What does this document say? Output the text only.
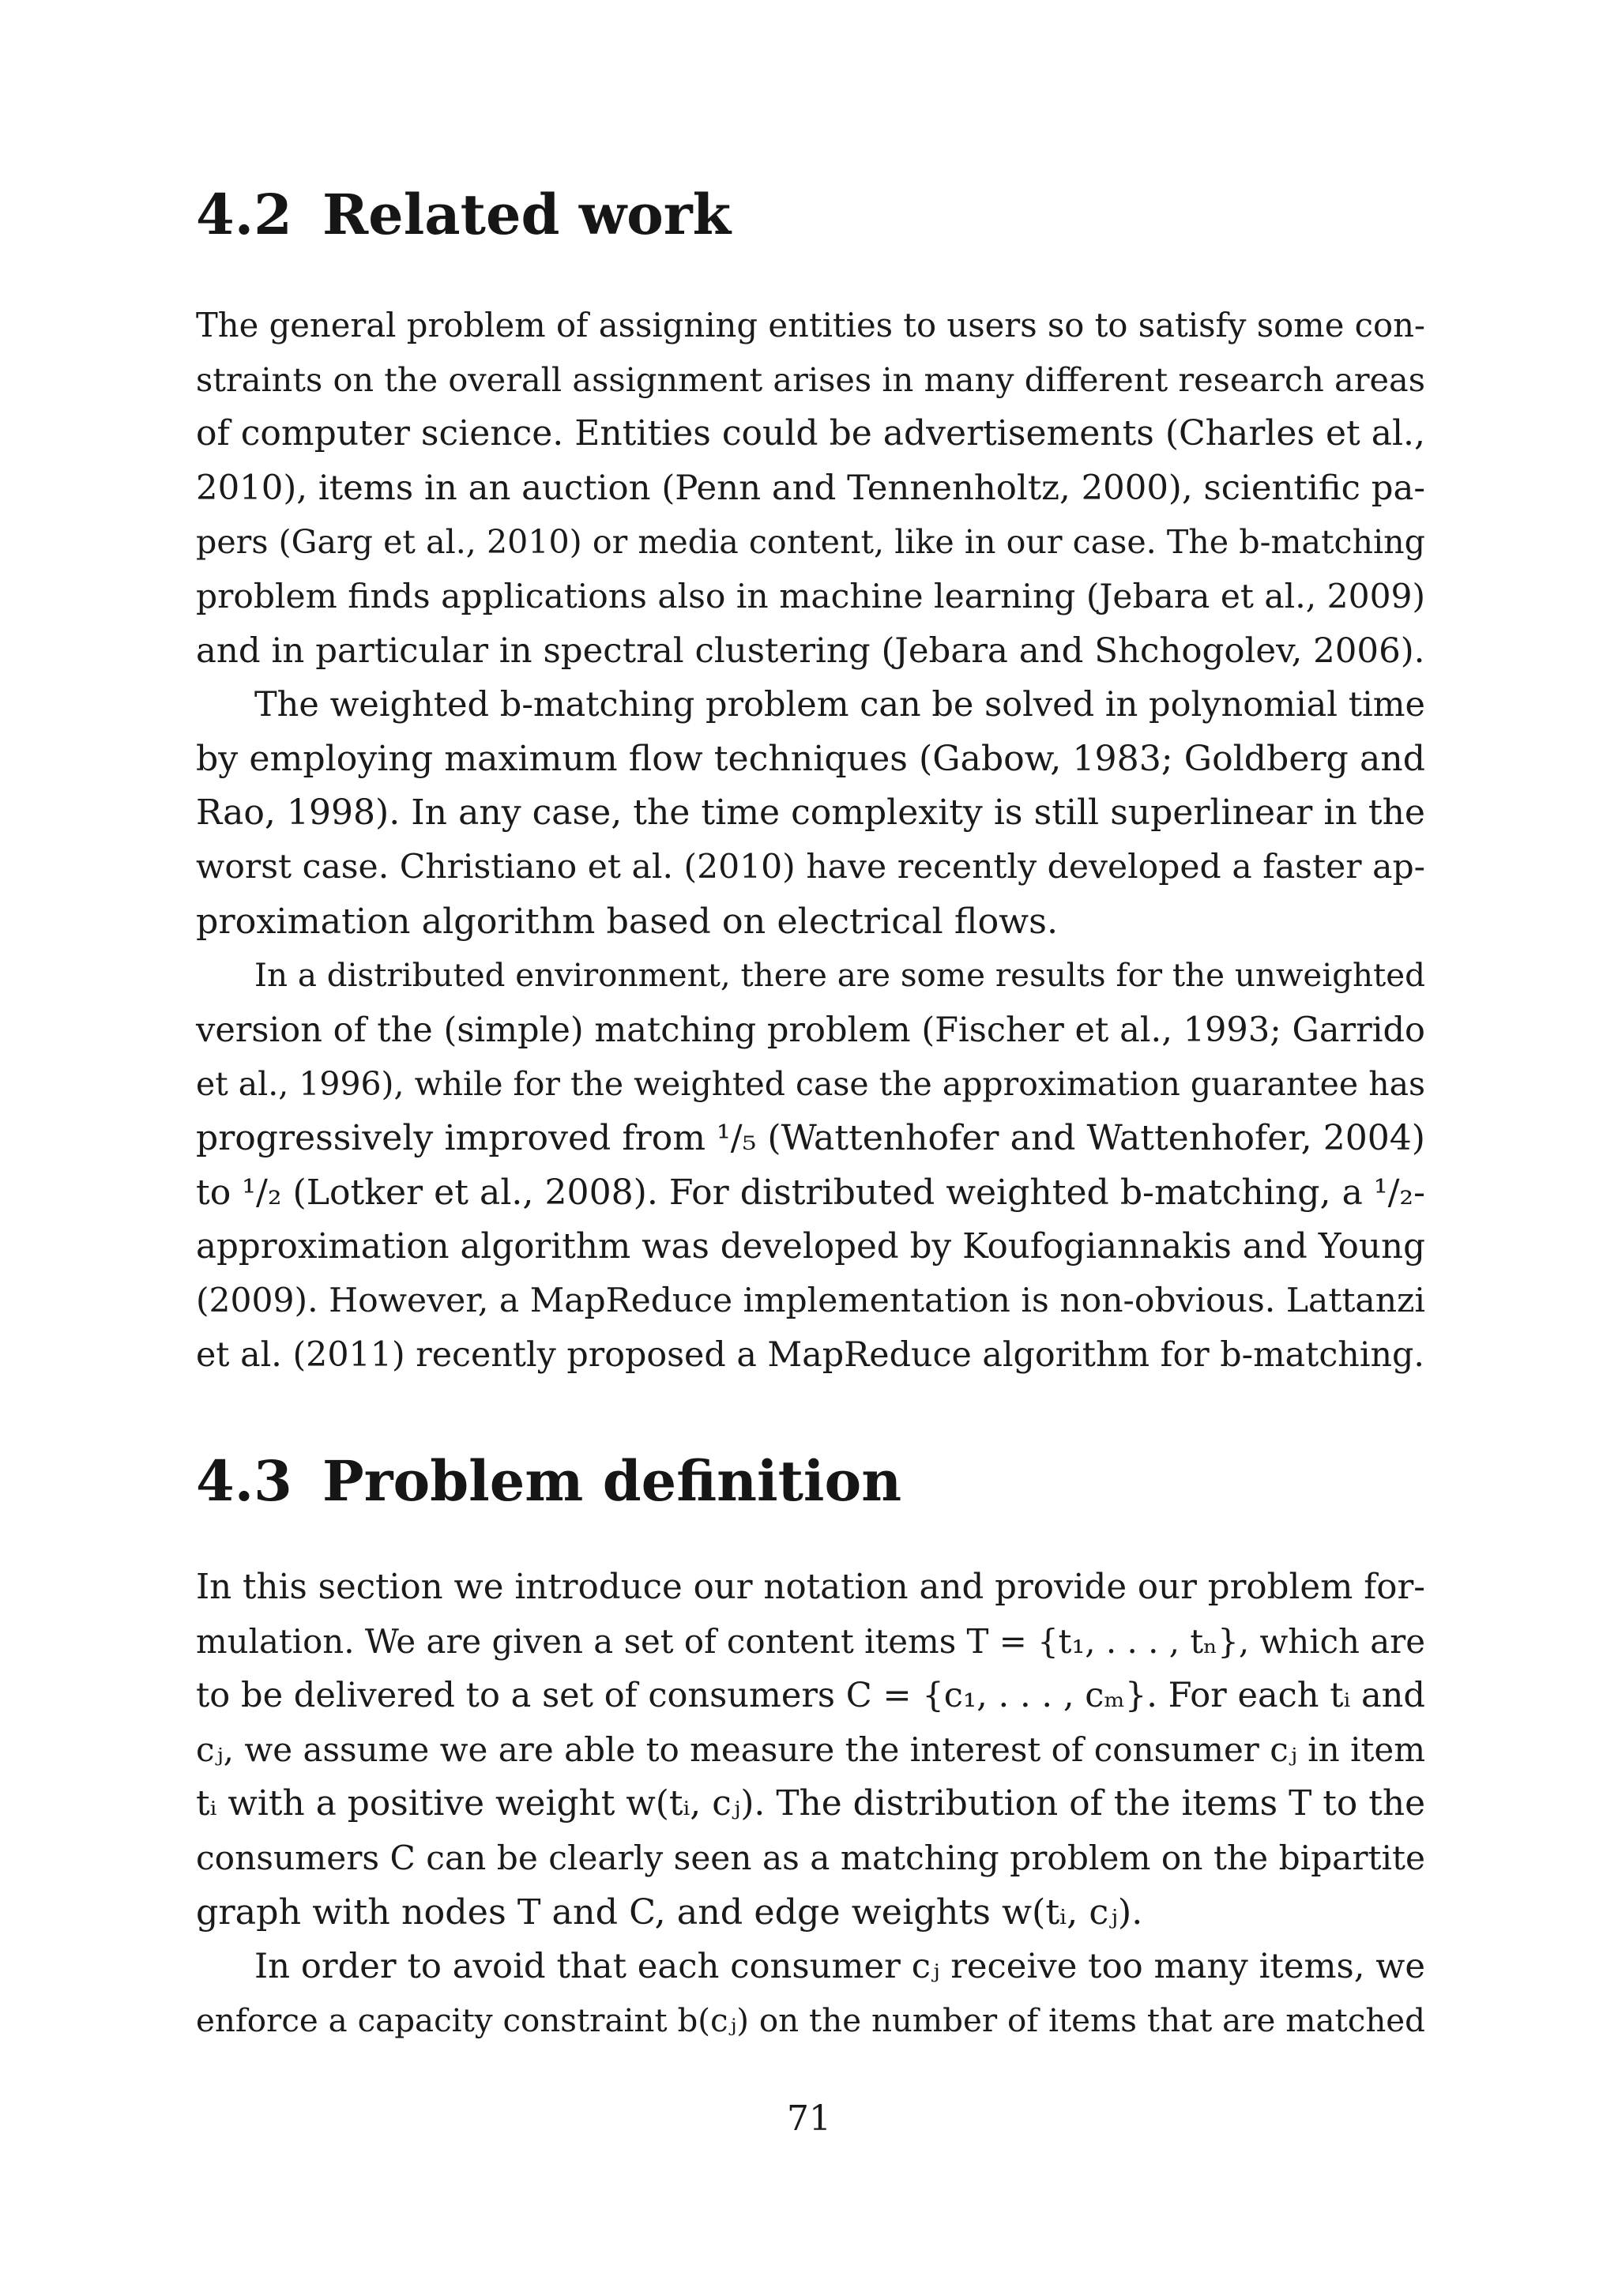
4.2 Related work
The general problem of assigning entities to users so to satisfy some con-
straints on the overall assignment arises in many different research areas
of computer science. Entities could be advertisements (Charles et al.,
2010), items in an auction (Penn and Tennenholtz, 2000), scientific pa-
pers (Garg et al., 2010) or media content, like in our case. The b-matching
problem finds applications also in machine learning (Jebara et al., 2009)
and in particular in spectral clustering (Jebara and Shchogolev, 2006).
The weighted b-matching problem can be solved in polynomial time
by employing maximum flow techniques (Gabow, 1983; Goldberg and
Rao, 1998). In any case, the time complexity is still superlinear in the
worst case. Christiano et al. (2010) have recently developed a faster ap-
proximation algorithm based on electrical flows.
In a distributed environment, there are some results for the unweighted
version of the (simple) matching problem (Fischer et al., 1993; Garrido
et al., 1996), while for the weighted case the approximation guarantee has
progressively improved from ¹/₅ (Wattenhofer and Wattenhofer, 2004)
to ¹/₂ (Lotker et al., 2008). For distributed weighted b-matching, a ¹/₂-
approximation algorithm was developed by Koufogiannakis and Young
(2009). However, a MapReduce implementation is non-obvious. Lattanzi
et al. (2011) recently proposed a MapReduce algorithm for b-matching.
4.3 Problem definition
In this section we introduce our notation and provide our problem for-
mulation. We are given a set of content items T = {t₁, . . . , tₙ}, which are
to be delivered to a set of consumers C = {c₁, . . . , cₘ}. For each tᵢ and
cⱼ, we assume we are able to measure the interest of consumer cⱼ in item
tᵢ with a positive weight w(tᵢ, cⱼ). The distribution of the items T to the
consumers C can be clearly seen as a matching problem on the bipartite
graph with nodes T and C, and edge weights w(tᵢ, cⱼ).
In order to avoid that each consumer cⱼ receive too many items, we
enforce a capacity constraint b(cⱼ) on the number of items that are matched
71
